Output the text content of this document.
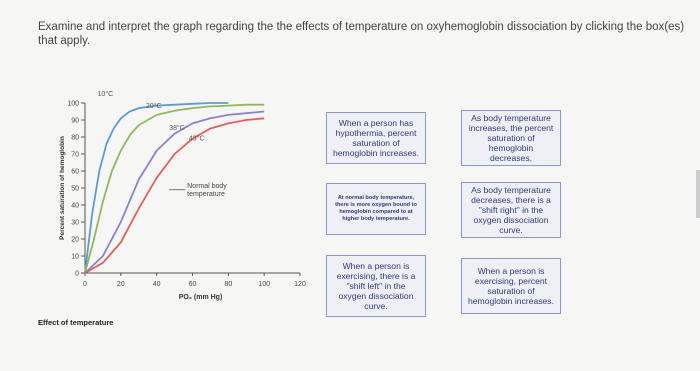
Examine and interpret the graph regarding the the effects of temperature on oxyhemoglobin dissociation by clicking the box(es) that apply.
0
10
20
30
40
50
60
70
80
90
100
0	20	40	60	80	100	120
PO₂ (mm Hg)
Percent saturation of hemoglobin
10°C
20°C
38°C
43°C
Normal body
temperature
Effect of temperature
When a person has hypothermia, percent saturation of hemoglobin increases.
As body temperature increases, the percent saturation of hemoglobin decreases.
At normal body temperature, there is more oxygen bound to hemoglobin compared to at higher body temperature.
As body temperature decreases, there is a "shift right" in the oxygen dissociation curve.
When a person is exercising, there is a "shift left" in the oxygen dissociation curve.
When a person is exercising, percent saturation of hemoglobin increases.
